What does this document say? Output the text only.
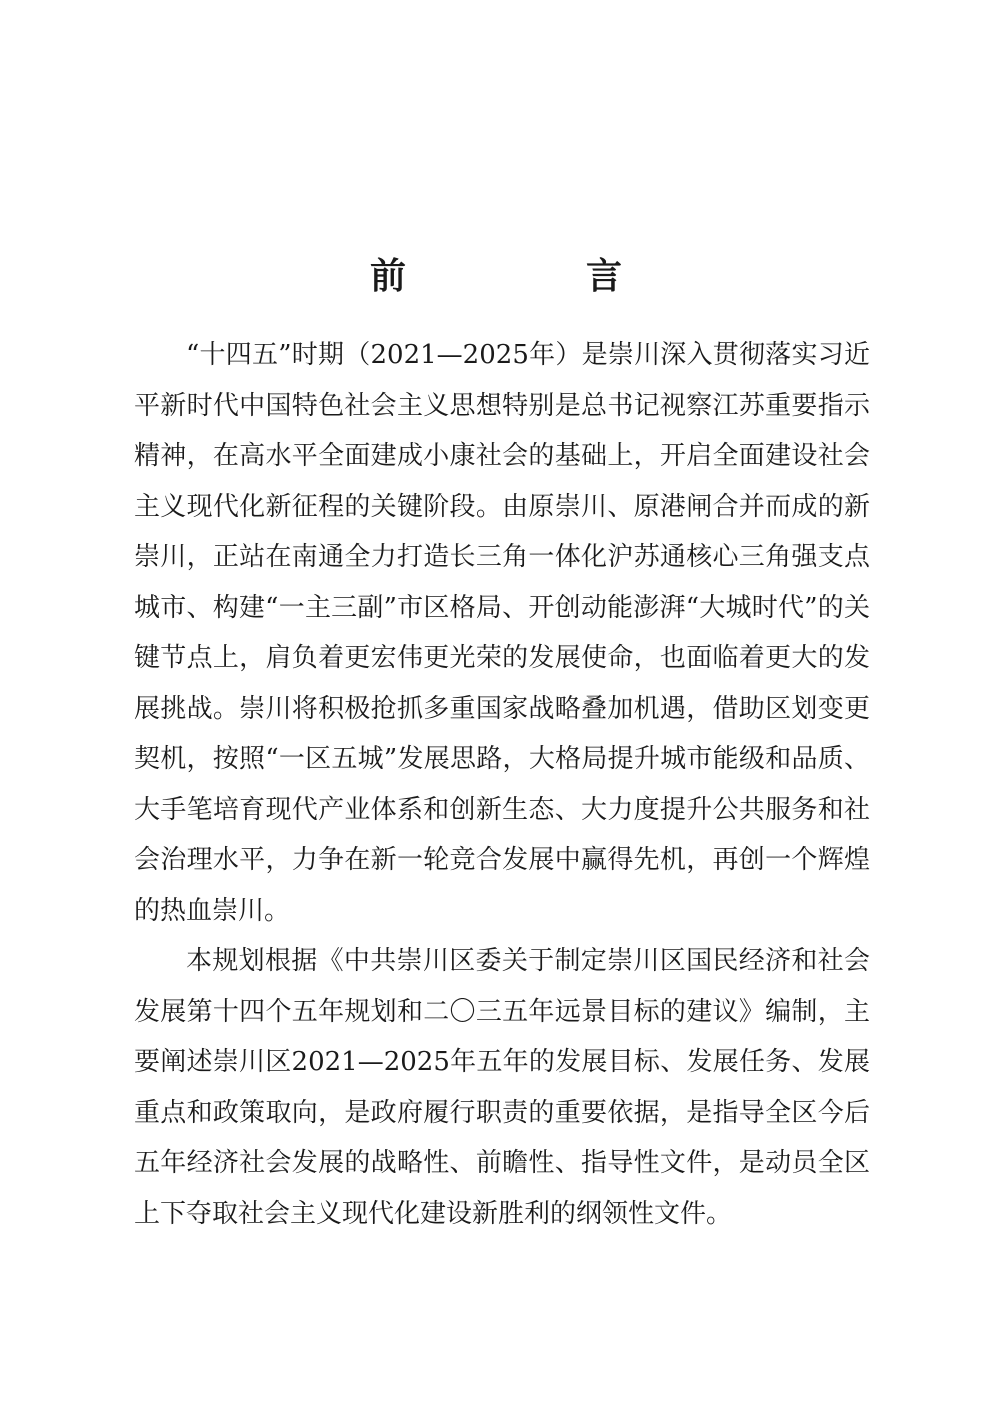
前　言

“十四五”时期（2021—2025年）是崇川深入贯彻落实习近平新时代中国特色社会主义思想特别是总书记视察江苏重要指示精神，在高水平全面建成小康社会的基础上，开启全面建设社会主义现代化新征程的关键阶段。由原崇川、原港闸合并而成的新崇川，正站在南通全力打造长三角一体化沪苏通核心三角强支点城市、构建“一主三副”市区格局、开创动能澎湃“大城时代”的关键节点上，肩负着更宏伟更光荣的发展使命，也面临着更大的发展挑战。崇川将积极抢抓多重国家战略叠加机遇，借助区划变更契机，按照“一区五城”发展思路，大格局提升城市能级和品质、大手笔培育现代产业体系和创新生态、大力度提升公共服务和社会治理水平，力争在新一轮竞合发展中赢得先机，再创一个辉煌的热血崇川。

本规划根据《中共崇川区委关于制定崇川区国民经济和社会发展第十四个五年规划和二〇三五年远景目标的建议》编制，主要阐述崇川区2021—2025年五年的发展目标、发展任务、发展重点和政策取向，是政府履行职责的重要依据，是指导全区今后五年经济社会发展的战略性、前瞻性、指导性文件，是动员全区上下夺取社会主义现代化建设新胜利的纲领性文件。
